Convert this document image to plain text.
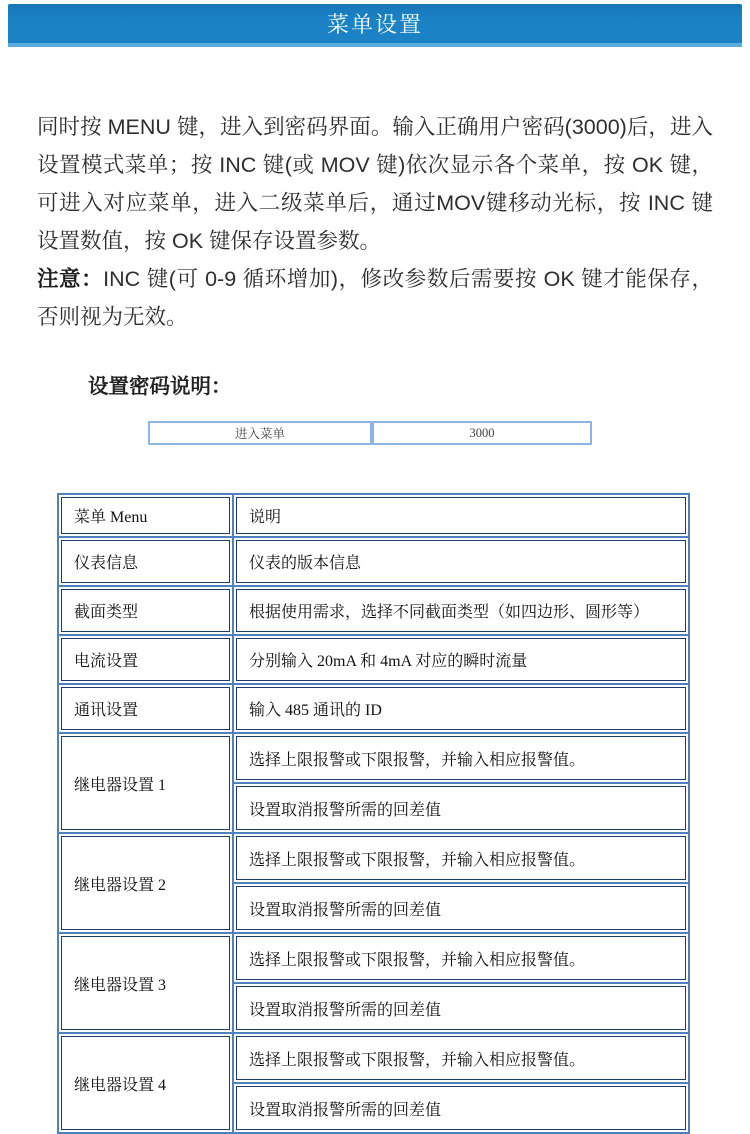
菜单设置

同时按 MENU 键，进入到密码界面。输入正确用户密码(3000)后，进入设置模式菜单；按 INC 键(或 MOV 键)依次显示各个菜单，按 OK 键，可进入对应菜单，进入二级菜单后，通过MOV键移动光标，按 INC 键设置数值，按 OK 键保存设置参数。

注意：INC 键(可 0-9 循环增加)，修改参数后需要按 OK 键才能保存，否则视为无效。

设置密码说明：
进入菜单	3000
菜单 Menu	说明
仪表信息	仪表的版本信息
截面类型	根据使用需求，选择不同截面类型（如四边形、圆形等）
电流设置	分别输入 20mA 和 4mA 对应的瞬时流量
通讯设置	输入 485 通讯的 ID
继电器设置 1	选择上限报警或下限报警，并输入相应报警值。
	设置取消报警所需的回差值
继电器设置 2	选择上限报警或下限报警，并输入相应报警值。
	设置取消报警所需的回差值
继电器设置 3	选择上限报警或下限报警，并输入相应报警值。
	设置取消报警所需的回差值
继电器设置 4	选择上限报警或下限报警，并输入相应报警值。
	设置取消报警所需的回差值
